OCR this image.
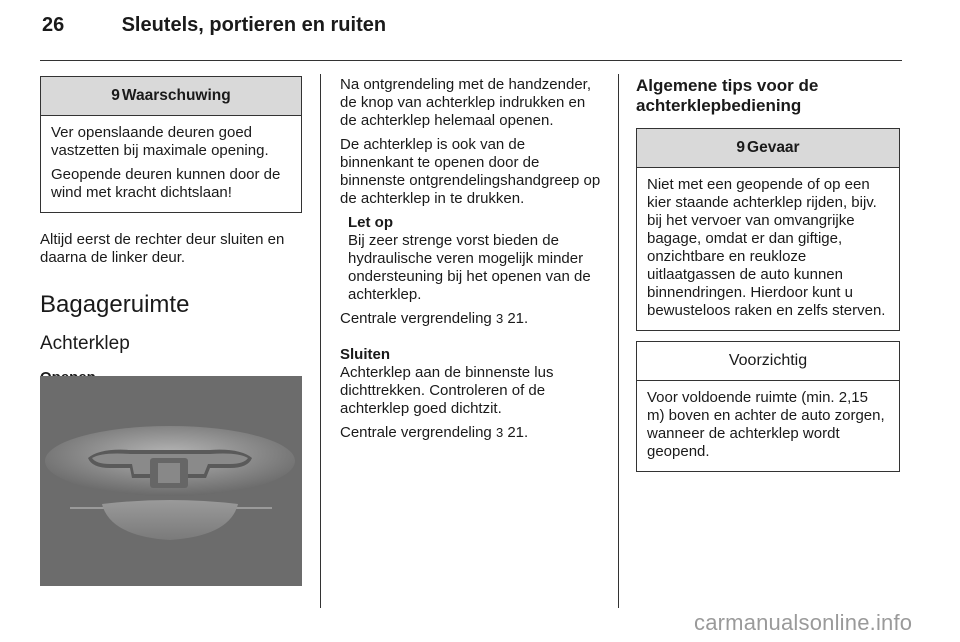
26	Sleutels, portieren en ruiten
9 Waarschuwing

Ver openslaande deuren goed vastzetten bij maximale opening.

Geopende deuren kunnen door de wind met kracht dichtslaan!

Altijd eerst de rechter deur sluiten en daarna de linker deur.

Bagageruimte
Achterklep

Na ontgrendeling met de handzender, de knop van achterklep indrukken en de achterklep helemaal openen.

De achterklep is ook van de binnenkant te openen door de binnenste ontgrendelingshandgreep op de achterklep in te drukken.

Let op
Bij zeer strenge vorst bieden de hydraulische veren mogelijk minder ondersteuning bij het openen van de achterklep.

Centrale vergrendeling 3 21.

Sluiten

Achterklep aan de binnenste lus dichttrekken. Controleren of de achterklep goed dichtzit.

Centrale vergrendeling 3 21.

Algemene tips voor de achterklepbediening
9 Gevaar

Niet met een geopende of op een kier staande achterklep rijden, bijv. bij het vervoer van omvangrijke bagage, omdat er dan giftige, onzichtbare en reukloze uitlaatgassen de auto kunnen binnendringen. Hierdoor kunt u bewusteloos raken en zelfs sterven.

Voorzichtig

Voor voldoende ruimte (min. 2,15 m) boven en achter de auto zorgen, wanneer de achterklep wordt geopend.

carmanualsonline.info
